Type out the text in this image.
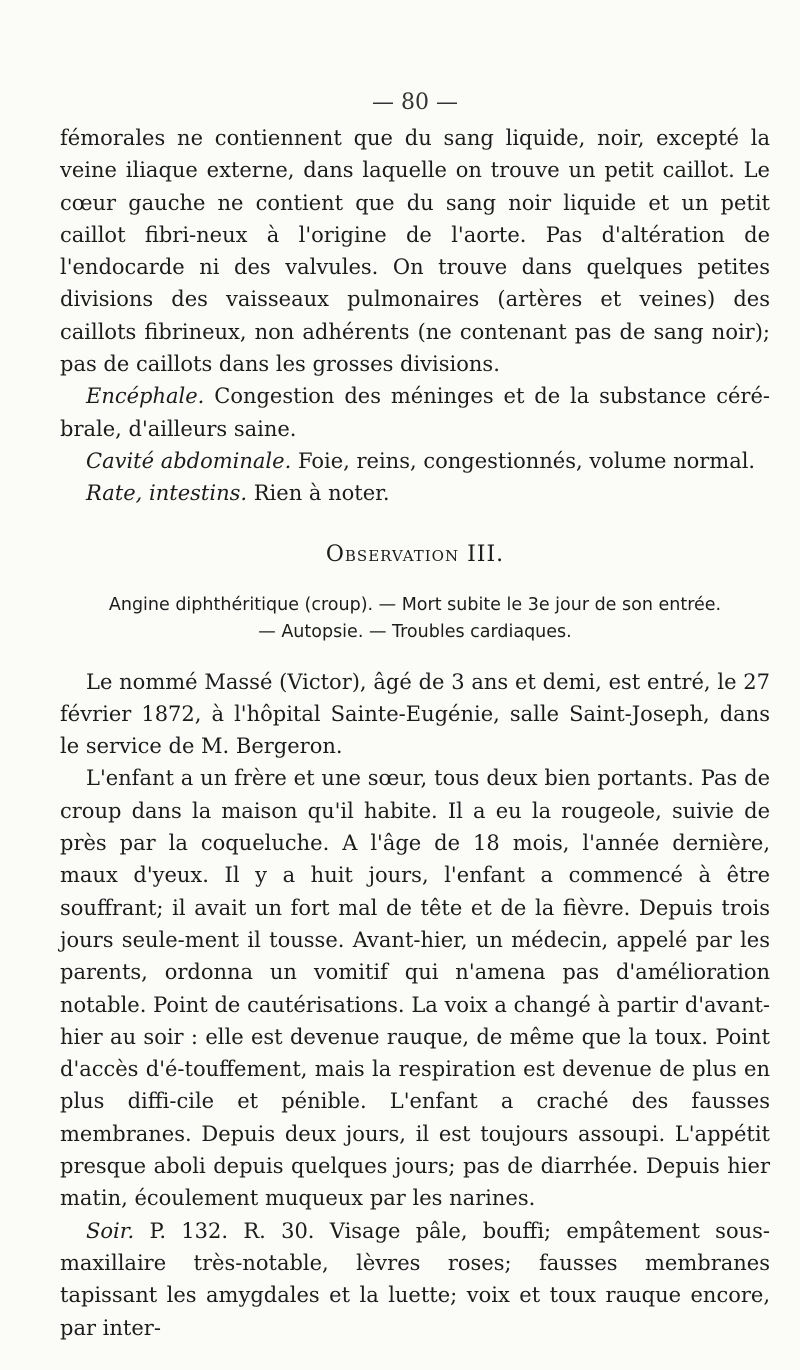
— 80 —

fémorales ne contiennent que du sang liquide, noir, excepté la veine iliaque externe, dans laquelle on trouve un petit caillot. Le cœur gauche ne contient que du sang noir liquide et un petit caillot fibri-neux à l'origine de l'aorte. Pas d'altération de l'endocarde ni des valvules. On trouve dans quelques petites divisions des vaisseaux pulmonaires (artères et veines) des caillots fibrineux, non adhérents (ne contenant pas de sang noir); pas de caillots dans les grosses divisions.

Encéphale. Congestion des méninges et de la substance céré-brale, d'ailleurs saine.

Cavité abdominale. Foie, reins, congestionnés, volume normal.

Rate, intestins. Rien à noter.

Observation III.
Angine diphthéritique (croup). — Mort subite le 3e jour de son entrée.
— Autopsie. — Troubles cardiaques.

Le nommé Massé (Victor), âgé de 3 ans et demi, est entré, le 27 février 1872, à l'hôpital Sainte-Eugénie, salle Saint-Joseph, dans le service de M. Bergeron.

L'enfant a un frère et une sœur, tous deux bien portants. Pas de croup dans la maison qu'il habite. Il a eu la rougeole, suivie de près par la coqueluche. A l'âge de 18 mois, l'année dernière, maux d'yeux. Il y a huit jours, l'enfant a commencé à être souffrant; il avait un fort mal de tête et de la fièvre. Depuis trois jours seule-ment il tousse. Avant-hier, un médecin, appelé par les parents, ordonna un vomitif qui n'amena pas d'amélioration notable. Point de cautérisations. La voix a changé à partir d'avant-hier au soir : elle est devenue rauque, de même que la toux. Point d'accès d'é-touffement, mais la respiration est devenue de plus en plus diffi-cile et pénible. L'enfant a craché des fausses membranes. Depuis deux jours, il est toujours assoupi. L'appétit presque aboli depuis quelques jours; pas de diarrhée. Depuis hier matin, écoulement muqueux par les narines.

Soir. P. 132. R. 30. Visage pâle, bouffi; empâtement sous-maxillaire très-notable, lèvres roses; fausses membranes tapissant les amygdales et la luette; voix et toux rauque encore, par inter-
